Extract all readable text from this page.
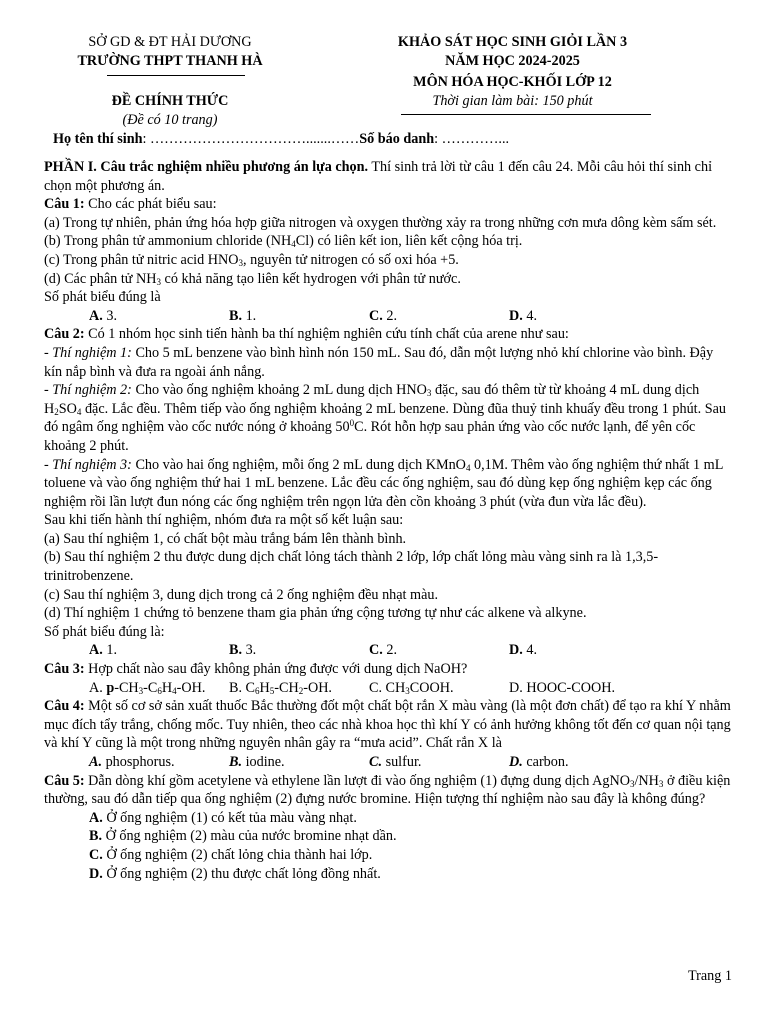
SỞ GD & ĐT HẢI DƯƠNG
TRƯỜNG THPT THANH HÀ
ĐỀ CHÍNH THỨC
(Đề có 10 trang)
KHẢO SÁT HỌC SINH GIỎI LẦN 3
NĂM HỌC 2024-2025
MÔN HÓA HỌC-KHỐI LỚP 12
Thời gian làm bài: 150 phút
Họ tên thí sinh: …………………………….......……Số báo danh: …………...

PHẦN I. Câu trắc nghiệm nhiều phương án lựa chọn. Thí sinh trả lời từ câu 1 đến câu 24. Mỗi câu hỏi thí sinh chỉ chọn một phương án.

Câu 1: Cho các phát biểu sau:

(a) Trong tự nhiên, phản ứng hóa hợp giữa nitrogen và oxygen thường xảy ra trong những cơn mưa dông kèm sấm sét.

(b) Trong phân tử ammonium chloride $(NH_4Cl)$ có liên kết ion, liên kết cộng hóa trị.

(c) Trong phân tử nitric acid $HNO_3$, nguyên tử nitrogen có số oxi hóa +5.

(d) Các phân tử $NH_3$ có khả năng tạo liên kết hydrogen với phân tử nước.

Số phát biểu đúng là

A. 3.	B. 1.	C. 2.	D. 4.

Câu 2: Có 1 nhóm học sinh tiến hành ba thí nghiệm nghiên cứu tính chất của arene như sau:

- Thí nghiệm 1: Cho 5 mL benzene vào bình hình nón 150 mL. Sau đó, dẫn một lượng nhỏ khí chlorine vào bình. Đậy kín nắp bình và đưa ra ngoài ánh nắng.

- Thí nghiệm 2: Cho vào ống nghiệm khoảng 2 mL dung dịch $HNO_3$ đặc, sau đó thêm từ từ khoảng 4 mL dung dịch $H_2SO_4$ đặc. Lắc đều. Thêm tiếp vào ống nghiệm khoảng 2 mL benzene. Dùng đũa thuỷ tinh khuấy đều trong 1 phút. Sau đó ngâm ống nghiệm vào cốc nước nóng ở khoảng $50^0C$. Rót hỗn hợp sau phản ứng vào cốc nước lạnh, để yên cốc khoảng 2 phút.

- Thí nghiệm 3: Cho vào hai ống nghiệm, mỗi ống 2 mL dung dịch KMnO$_4$ 0,1M. Thêm vào ống nghiệm thứ nhất 1 mL toluene và vào ống nghiệm thứ hai 1 mL benzene. Lắc đều các ống nghiệm, sau đó dùng kẹp ống nghiệm kẹp các ống nghiệm rồi lần lượt đun nóng các ống nghiệm trên ngọn lửa đèn cồn khoảng 3 phút (vừa đun vừa lắc đều).

Sau khi tiến hành thí nghiệm, nhóm đưa ra một số kết luận sau:

(a) Sau thí nghiệm 1, có chất bột màu trắng bám lên thành bình.

(b) Sau thí nghiệm 2 thu được dung dịch chất lỏng tách thành 2 lớp, lớp chất lỏng màu vàng sinh ra là 1,3,5- trinitrobenzene.

(c) Sau thí nghiệm 3, dung dịch trong cả 2 ống nghiệm đều nhạt màu.

(d) Thí nghiệm 1 chứng tỏ benzene tham gia phản ứng cộng tương tự như các alkene và alkyne.

Số phát biểu đúng là:

A. 1.	B. 3.	C. 2.	D. 4.

Câu 3: Hợp chất nào sau đây không phản ứng được với dung dịch NaOH?

A. $p-CH_3-C_6H_4-OH$.	B. $C_6H_5-CH_2-OH$.	C. $CH_3COOH$.	D. HOOC-COOH.

Câu 4: Một số cơ sở sản xuất thuốc Bắc thường đốt một chất bột rắn X màu vàng (là một đơn chất) để tạo ra khí Y nhằm mục đích tẩy trắng, chống mốc. Tuy nhiên, theo các nhà khoa học thì khí Y có ảnh hưởng không tốt đến cơ quan nội tạng và khí Y cũng là một trong những nguyên nhân gây ra “mưa acid”. Chất rắn X là

A. phosphorus.	B. iodine.	C. sulfur.	D. carbon.

Câu 5: Dẫn dòng khí gồm acetylene và ethylene lần lượt đi vào ống nghiệm (1) đựng dung dịch $AgNO_3/NH_3$ ở điều kiện thường, sau đó dẫn tiếp qua ống nghiệm (2) đựng nước bromine. Hiện tượng thí nghiệm nào sau đây là không đúng?

A. Ở ống nghiệm (1) có kết tủa màu vàng nhạt.

B. Ở ống nghiệm (2) màu của nước bromine nhạt dần.

C. Ở ống nghiệm (2) chất lỏng chia thành hai lớp.

D. Ở ống nghiệm (2) thu được chất lỏng đồng nhất.

Trang 1
